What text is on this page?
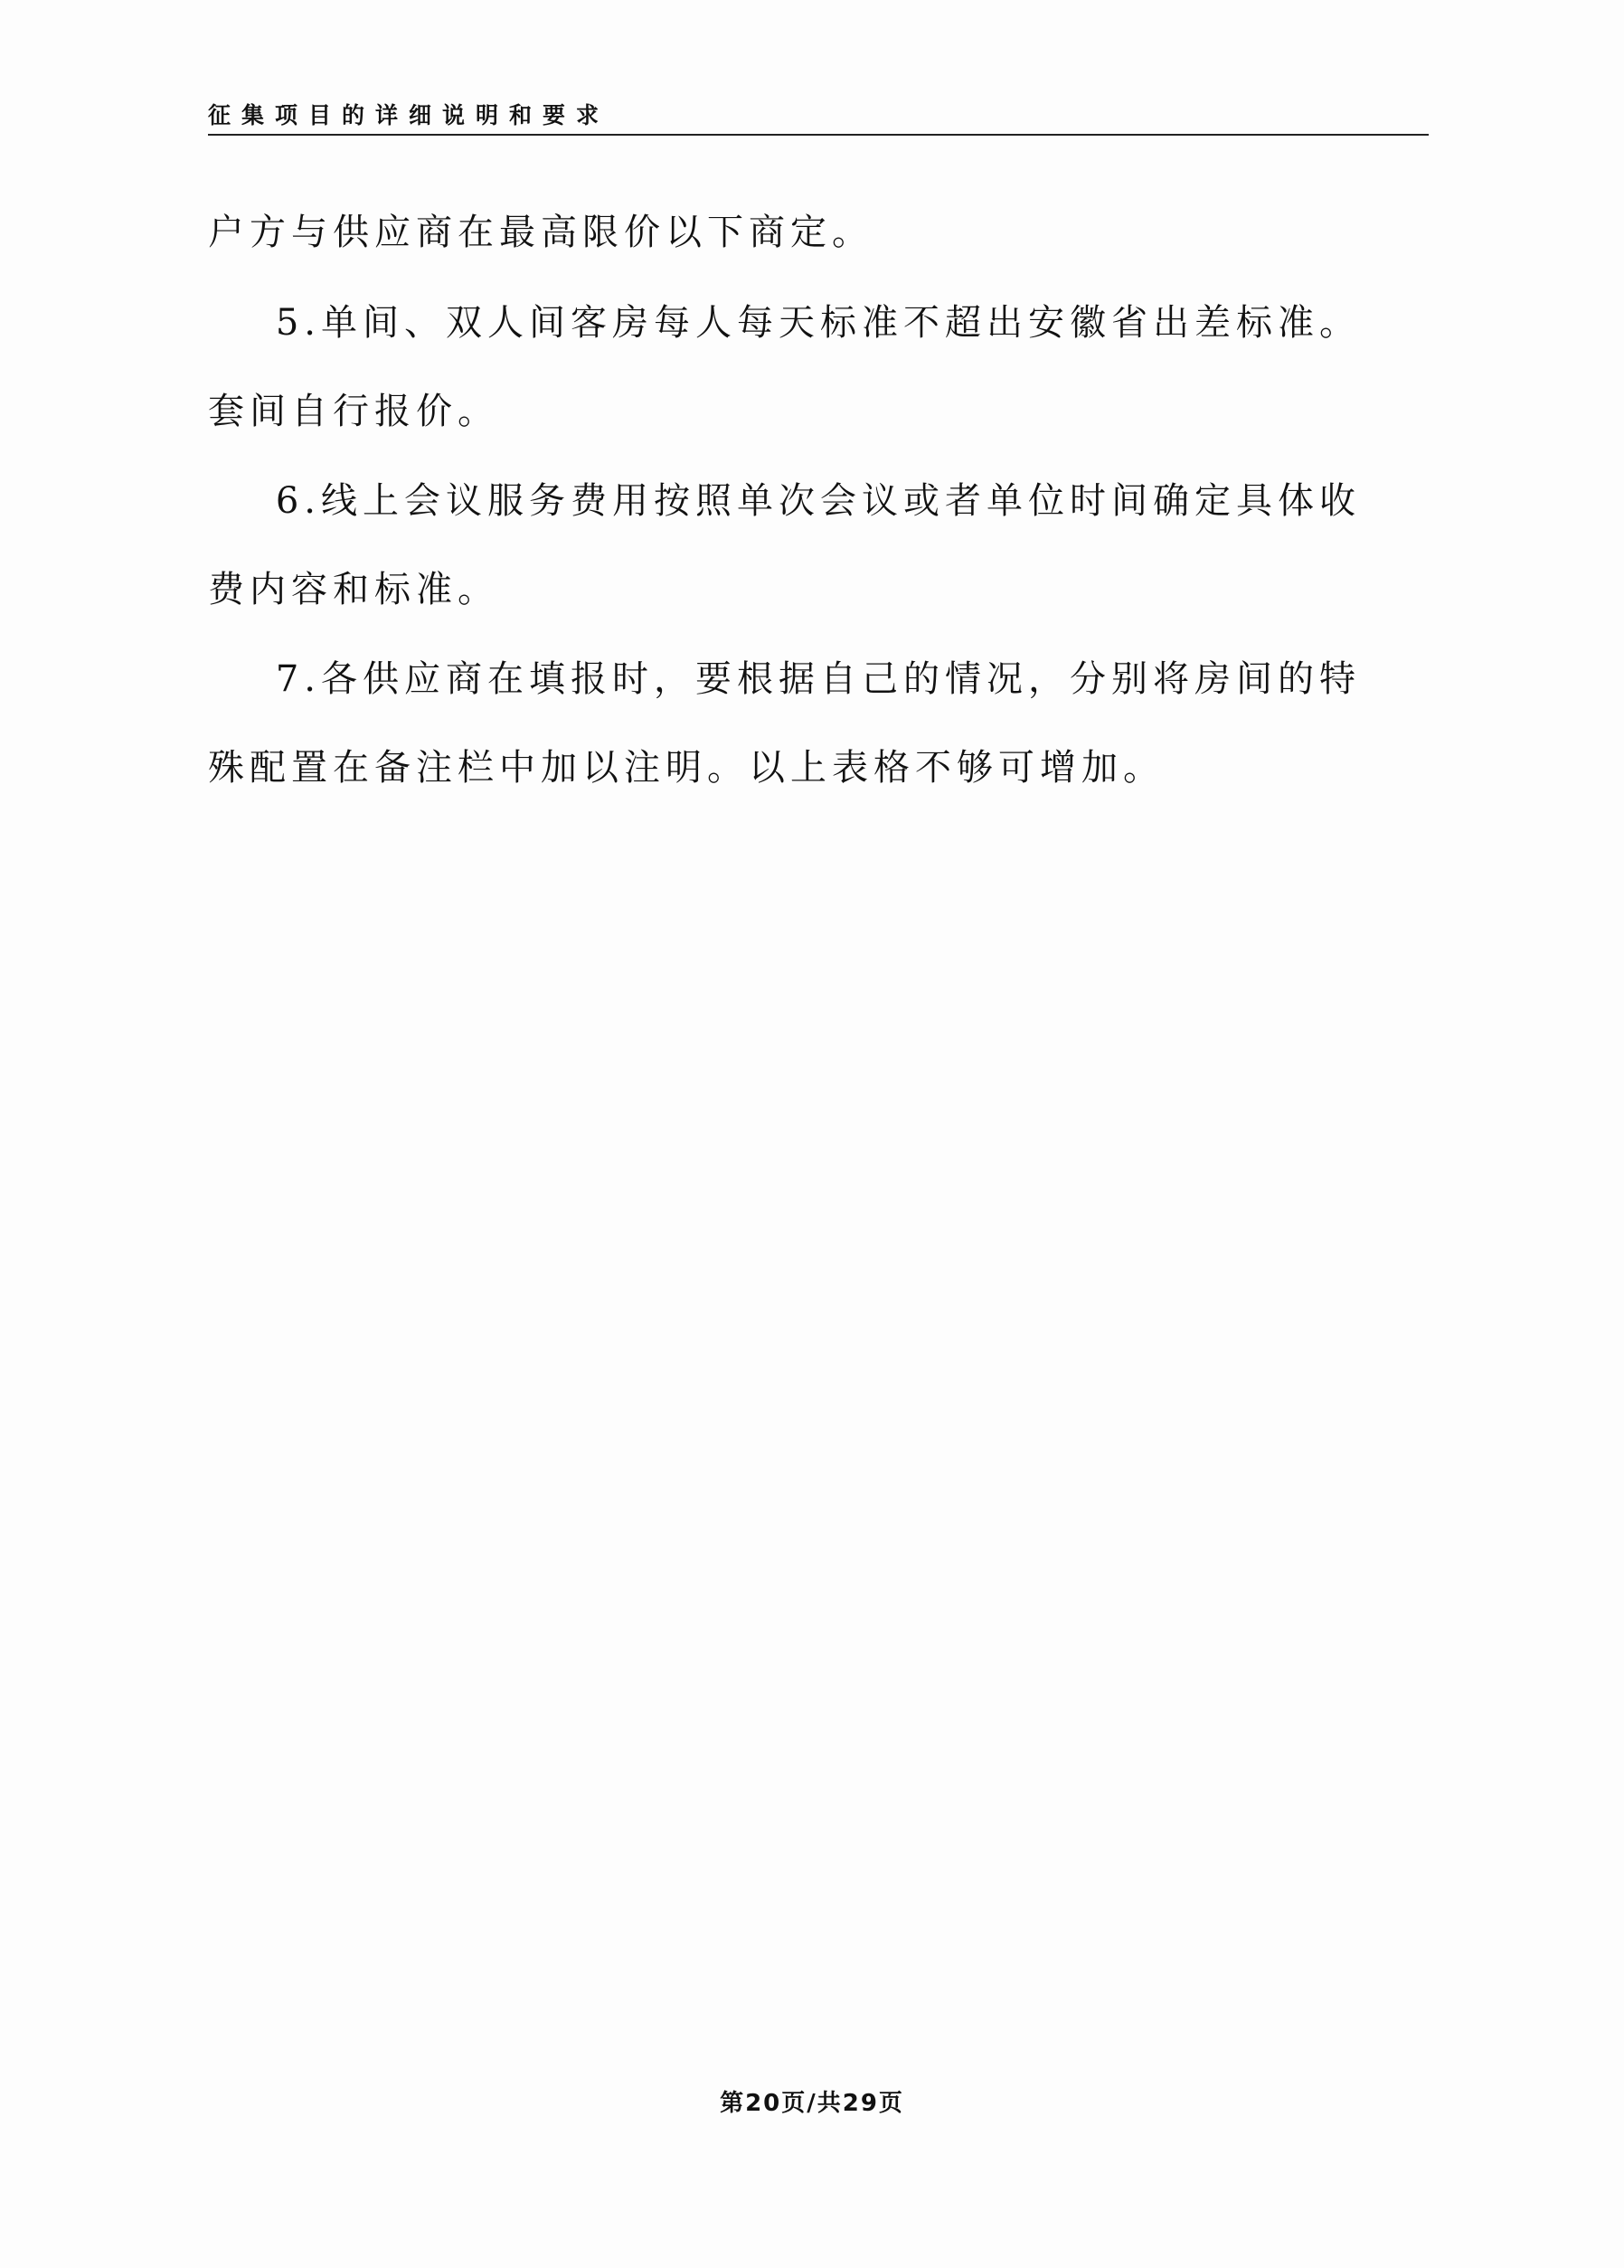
征集项目的详细说明和要求
户方与供应商在最高限价以下商定。
5.单间、双人间客房每人每天标准不超出安徽省出差标准。
套间自行报价。
6.线上会议服务费用按照单次会议或者单位时间确定具体收
费内容和标准。
7.各供应商在填报时，要根据自己的情况，分别将房间的特
殊配置在备注栏中加以注明。以上表格不够可增加。
第20页/共29页
